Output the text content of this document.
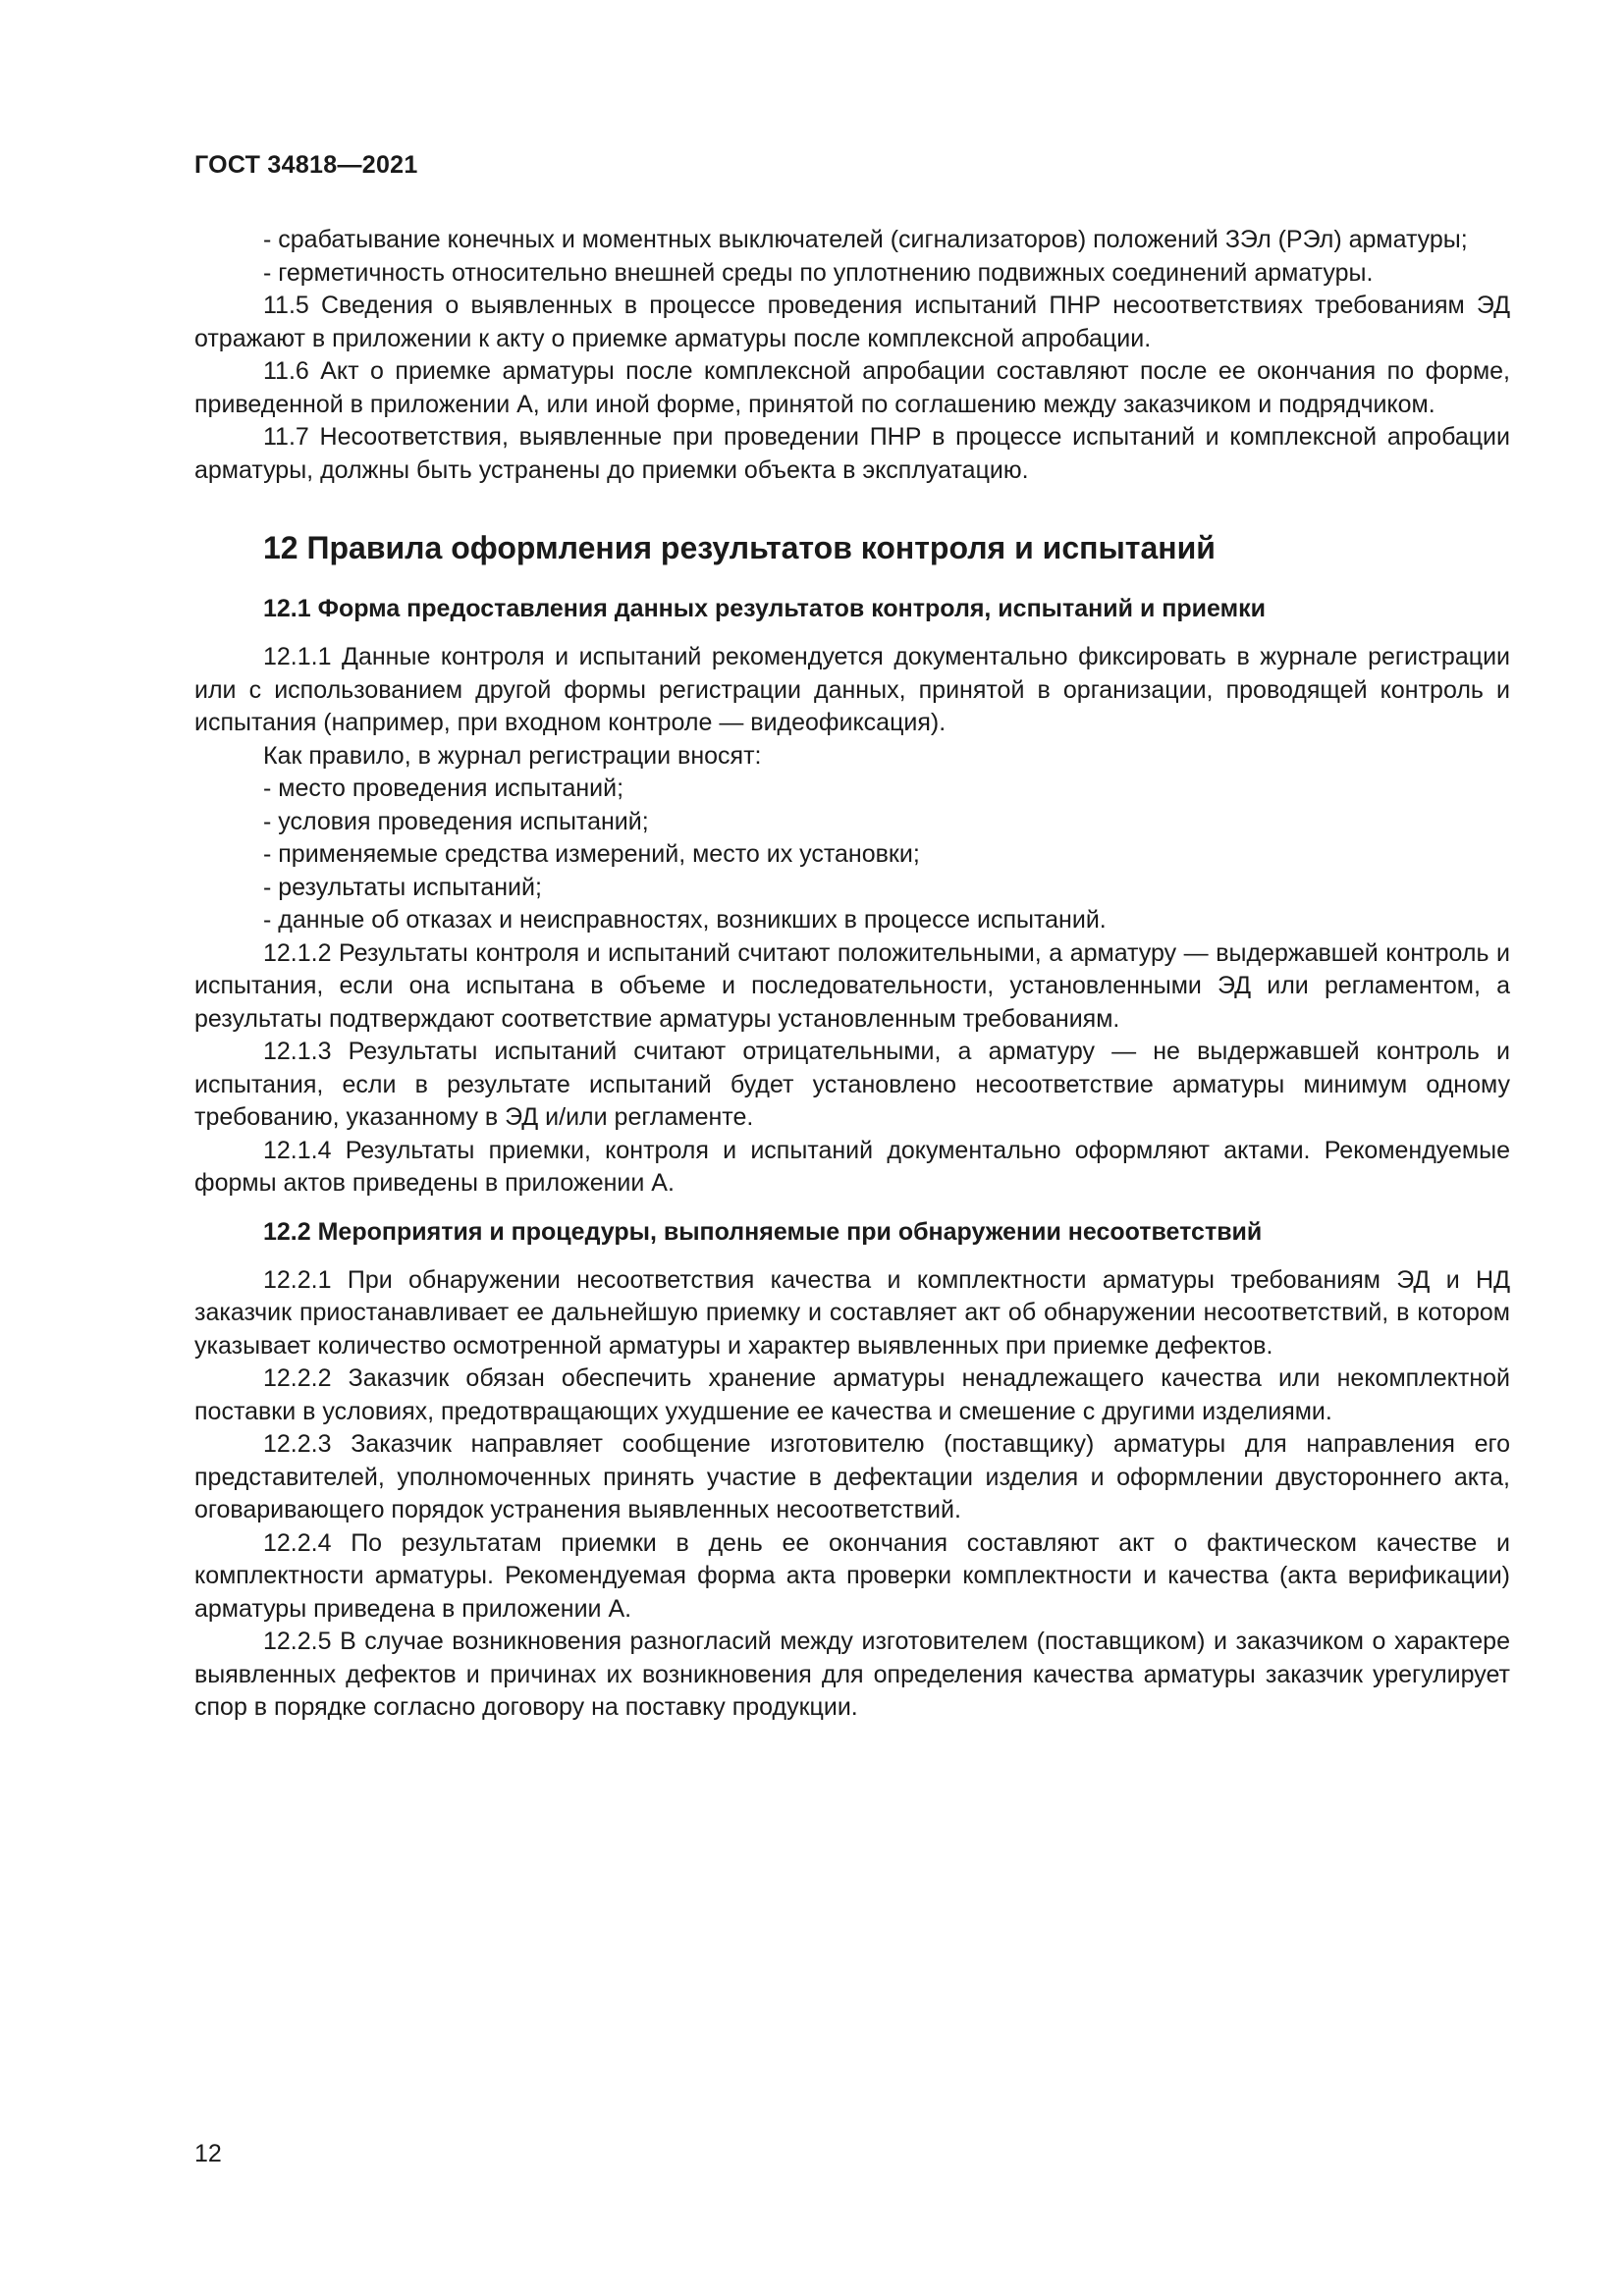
ГОСТ 34818—2021

- срабатывание конечных и моментных выключателей (сигнализаторов) положений ЗЭл (РЭл) арматуры;

- герметичность относительно внешней среды по уплотнению подвижных соединений арматуры.

11.5 Сведения о выявленных в процессе проведения испытаний ПНР несоответствиях требованиям ЭД отражают в приложении к акту о приемке арматуры после комплексной апробации.

11.6 Акт о приемке арматуры после комплексной апробации составляют после ее окончания по форме, приведенной в приложении А, или иной форме, принятой по соглашению между заказчиком и подрядчиком.

11.7 Несоответствия, выявленные при проведении ПНР в процессе испытаний и комплексной апробации арматуры, должны быть устранены до приемки объекта в эксплуатацию.

12 Правила оформления результатов контроля и испытаний
12.1 Форма предоставления данных результатов контроля, испытаний и приемки

12.1.1 Данные контроля и испытаний рекомендуется документально фиксировать в журнале регистрации или с использованием другой формы регистрации данных, принятой в организации, проводящей контроль и испытания (например, при входном контроле — видеофиксация).

Как правило, в журнал регистрации вносят:

- место проведения испытаний;

- условия проведения испытаний;

- применяемые средства измерений, место их установки;

- результаты испытаний;

- данные об отказах и неисправностях, возникших в процессе испытаний.

12.1.2 Результаты контроля и испытаний считают положительными, а арматуру — выдержавшей контроль и испытания, если она испытана в объеме и последовательности, установленными ЭД или регламентом, а результаты подтверждают соответствие арматуры установленным требованиям.

12.1.3 Результаты испытаний считают отрицательными, а арматуру — не выдержавшей контроль и испытания, если в результате испытаний будет установлено несоответствие арматуры минимум одному требованию, указанному в ЭД и/или регламенте.

12.1.4 Результаты приемки, контроля и испытаний документально оформляют актами. Рекомендуемые формы актов приведены в приложении А.

12.2 Мероприятия и процедуры, выполняемые при обнаружении несоответствий

12.2.1 При обнаружении несоответствия качества и комплектности арматуры требованиям ЭД и НД заказчик приостанавливает ее дальнейшую приемку и составляет акт об обнаружении несоответствий, в котором указывает количество осмотренной арматуры и характер выявленных при приемке дефектов.

12.2.2 Заказчик обязан обеспечить хранение арматуры ненадлежащего качества или некомплектной поставки в условиях, предотвращающих ухудшение ее качества и смешение с другими изделиями.

12.2.3 Заказчик направляет сообщение изготовителю (поставщику) арматуры для направления его представителей, уполномоченных принять участие в дефектации изделия и оформлении двустороннего акта, оговаривающего порядок устранения выявленных несоответствий.

12.2.4 По результатам приемки в день ее окончания составляют акт о фактическом качестве и комплектности арматуры. Рекомендуемая форма акта проверки комплектности и качества (акта верификации) арматуры приведена в приложении А.

12.2.5 В случае возникновения разногласий между изготовителем (поставщиком) и заказчиком о характере выявленных дефектов и причинах их возникновения для определения качества арматуры заказчик урегулирует спор в порядке согласно договору на поставку продукции.

12
